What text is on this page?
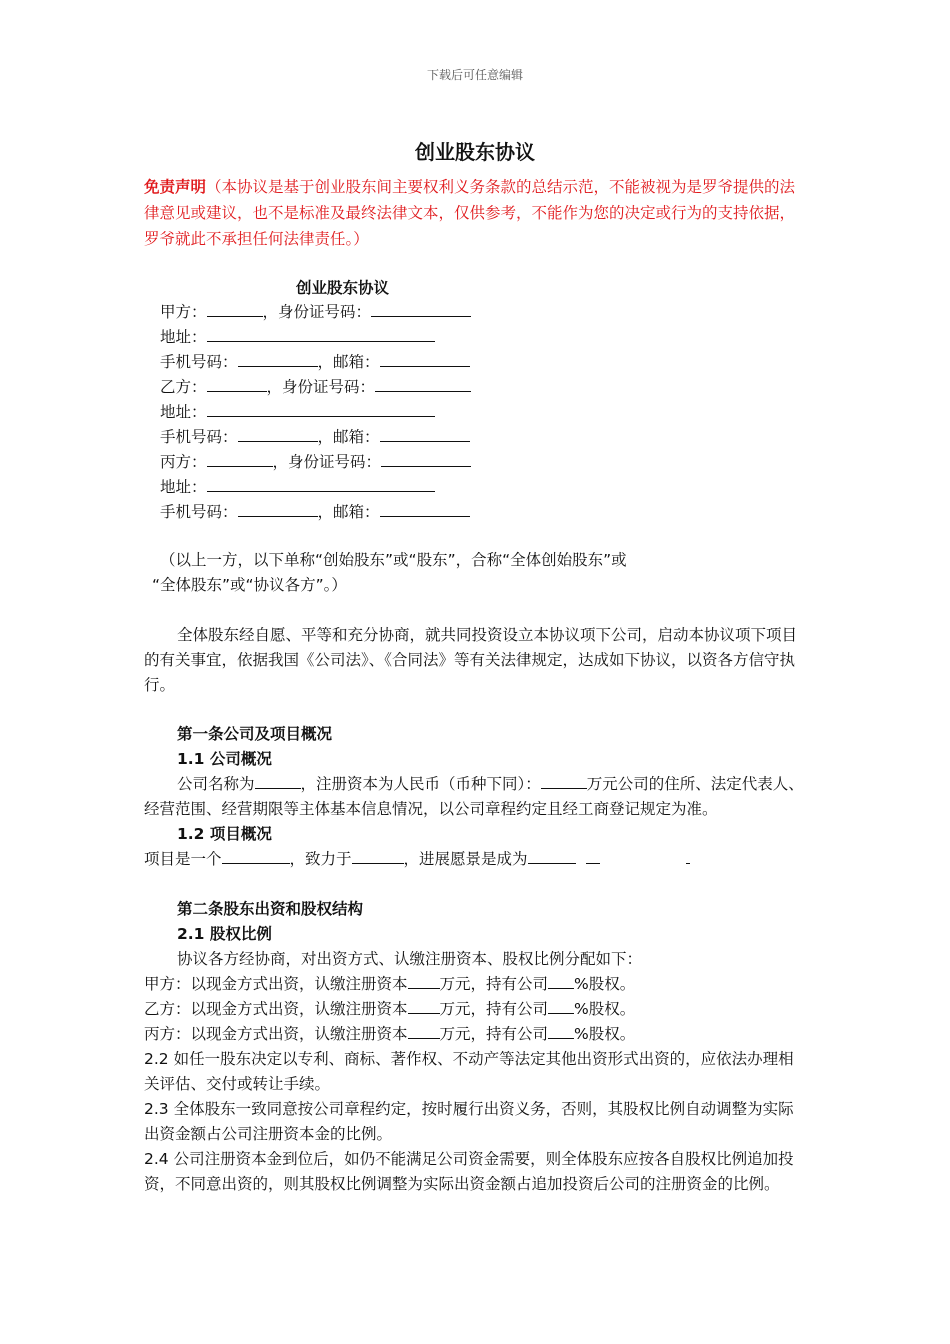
下载后可任意编辑
创业股东协议
免责声明（本协议是基于创业股东间主要权利义务条款的总结示范，不能被视为是罗爷提供的法律意见或建议，也不是标准及最终法律文本，仅供参考，不能作为您的决定或行为的支持依据，罗爷就此不承担任何法律责任。）
创业股东协议
甲方：	，身份证号码：
地址：
手机号码：	，邮箱：
乙方：	，身份证号码：
地址：
手机号码：	，邮箱：
丙方：	，身份证号码：
地址：
手机号码：	，邮箱：
（以上一方，以下单称“创始股东”或“股东”，合称“全体创始股东”或
“全体股东”或“协议各方”。）
全体股东经自愿、平等和充分协商，就共同投资设立本协议项下公司，启动本协议项下项目的有关事宜，依据我国《公司法》、《合同法》等有关法律规定，达成如下协议，以资各方信守执行。
第一条公司及项目概况
1.1 公司概况
公司名称为	，注册资本为人民币（币种下同）：	万元公司的住所、法定代表人、经营范围、经营期限等主体基本信息情况，以公司章程约定且经工商登记规定为准。
1.2 项目概况
项目是一个	，致力于	，进展愿景是成为
第二条股东出资和股权结构
2.1 股权比例
协议各方经协商，对出资方式、认缴注册资本、股权比例分配如下：
甲方：以现金方式出资，认缴注册资本 万元，持有公司 %股权。
乙方：以现金方式出资，认缴注册资本 万元，持有公司 %股权。
丙方：以现金方式出资，认缴注册资本 万元，持有公司 %股权。
2.2 如任一股东决定以专利、商标、著作权、不动产等法定其他出资形式出资的，应依法办理相关评估、交付或转让手续。
2.3 全体股东一致同意按公司章程约定，按时履行出资义务，否则，其股权比例自动调整为实际出资金额占公司注册资本金的比例。
2.4 公司注册资本金到位后，如仍不能满足公司资金需要，则全体股东应按各自股权比例追加投资，不同意出资的，则其股权比例调整为实际出资金额占追加投资后公司的注册资金的比例。
